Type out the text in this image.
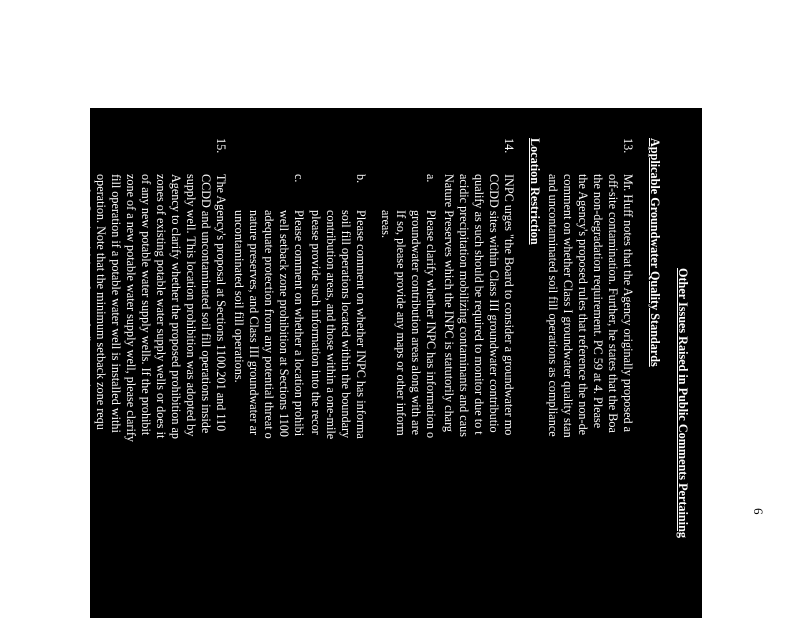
Other Issues Raised in Public Comments Pertaining
Applicable Groundwater Quality Standards
13.
Mr. Huff notes that the Agency originally proposed a
off-site contamination. Further, he states that the Boa
the non-degradation requirement. PC 59 at 4. Please
the Agency's proposed rules that reference the non-de
comment on whether Class I groundwater quality stan
and uncontaminated soil fill operations as compliance
Location Restriction
14.
INPC urges "the Board to consider a groundwater mo
CCDD sites within Class III groundwater contributio
qualify as such should be required to monitor due to t
acidic precipitation mobilizing contaminants and caus
Nature Preserves which the INPC is statutorily charg
a.
Please clarify whether INPC has information o
groundwater contribution areas along with are
If so, please provide any maps or other inform
areas.
b.
Please comment on whether INPC has informa
soil fill operations located within the boundary
contribution areas, and those within a one-mile
please provide such information into the recor
c.
Please comment on whether a location prohibi
well setback zone prohibition at Sections 1100
adequate protection from any potential threat o
nature preserves, and Class III groundwater ar
uncontaminated soil fill operations.
15.
The Agency's proposal at Sections 1100.201 and 110
CCDD and uncontaminated soil fill operations inside
supply well. This location prohibition was adopted by
Agency to clarify whether the proposed prohibition ap
zones of existing potable water supply wells or does it
of any new potable water supply wells. If the prohibit
zone of a new potable water supply well, please clarify
fill operation if a potable water well is installed withi
operation. Note that the minimum setback zone requ
under Section 14.1 apply to only "community water su
6
